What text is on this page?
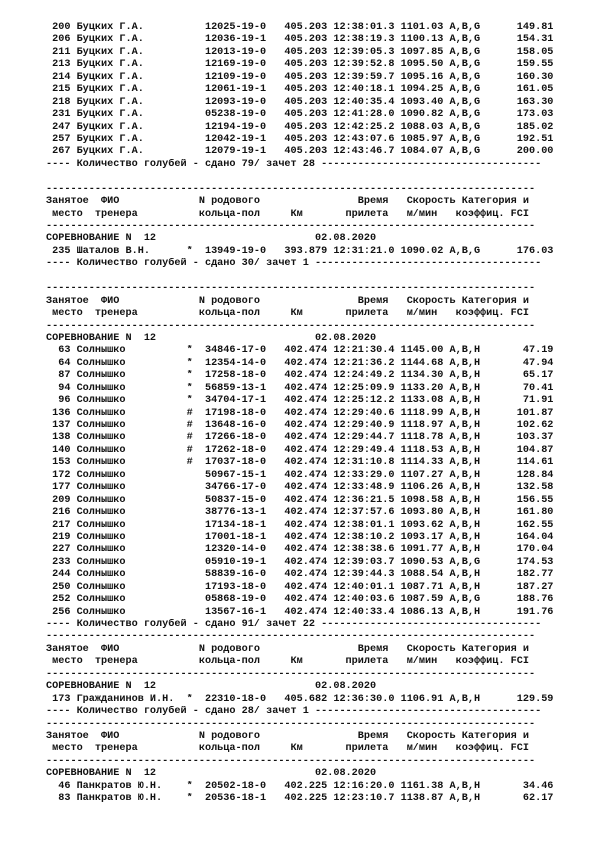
200 Буцких Г.А.          12025-19-0   405.203 12:38:01.3 1101.03 A,B,G      149.81
206 Буцких Г.А.          12036-19-1   405.203 12:38:19.3 1100.13 A,B,G      154.31
211 Буцких Г.А.          12013-19-0   405.203 12:39:05.3 1097.85 A,B,G      158.05
213 Буцких Г.А.          12169-19-0   405.203 12:39:52.8 1095.50 A,B,G      159.55
214 Буцких Г.А.          12109-19-0   405.203 12:39:59.7 1095.16 A,B,G      160.30
215 Буцких Г.А.          12061-19-1   405.203 12:40:18.1 1094.25 A,B,G      161.05
218 Буцких Г.А.          12093-19-0   405.203 12:40:35.4 1093.40 A,B,G      163.30
231 Буцких Г.А.          05238-19-0   405.203 12:41:28.0 1090.82 A,B,G      173.03
247 Буцких Г.А.          12194-19-0   405.203 12:42:25.2 1088.03 A,B,G      185.02
257 Буцких Г.А.          12042-19-1   405.203 12:43:07.6 1085.97 A,B,G      192.51
267 Буцких Г.А.          12079-19-1   405.203 12:43:46.7 1084.07 A,B,G      200.00
---- Количество голубей - сдано 79/ зачет 28 ------------------------------------
--------------------------------------------------------------------------------
Занятое  ФИО             N родового                Время   Скорость Категория и
место  тренера          кольца-пол     Км       прилета   м/мин   коэффиц. FCI
--------------------------------------------------------------------------------
СОРЕВНОВАНИЕ N  12                          02.08.2020
235 Шаталов В.Н.      *  13949-19-0   393.879 12:31:21.0 1090.02 A,B,G      176.03
---- Количество голубей - сдано 30/ зачет 1 -------------------------------------
--------------------------------------------------------------------------------
Занятое  ФИО             N родового                Время   Скорость Категория и
место  тренера          кольца-пол     Км       прилета   м/мин   коэффиц. FCI
--------------------------------------------------------------------------------
СОРЕВНОВАНИЕ N  12                          02.08.2020
63 Солнышко          *  34846-17-0   402.474 12:21:30.4 1145.00 A,B,H       47.19
64 Солнышко          *  12354-14-0   402.474 12:21:36.2 1144.68 A,B,H       47.94
87 Солнышко          *  17258-18-0   402.474 12:24:49.2 1134.30 A,B,H       65.17
94 Солнышко          *  56859-13-1   402.474 12:25:09.9 1133.20 A,B,H       70.41
96 Солнышко          *  34704-17-1   402.474 12:25:12.2 1133.08 A,B,H       71.91
136 Солнышко          #  17198-18-0   402.474 12:29:40.6 1118.99 A,B,H      101.87
137 Солнышко          #  13648-16-0   402.474 12:29:40.9 1118.97 A,B,H      102.62
138 Солнышко          #  17266-18-0   402.474 12:29:44.7 1118.78 A,B,H      103.37
140 Солнышко          #  17262-18-0   402.474 12:29:49.4 1118.53 A,B,H      104.87
153 Солнышко          #  17037-18-0   402.474 12:31:10.8 1114.33 A,B,H      114.61
172 Солнышко             50967-15-1   402.474 12:33:29.0 1107.27 A,B,H      128.84
177 Солнышко             34766-17-0   402.474 12:33:48.9 1106.26 A,B,H      132.58
209 Солнышко             50837-15-0   402.474 12:36:21.5 1098.58 A,B,H      156.55
216 Солнышко             38776-13-1   402.474 12:37:57.6 1093.80 A,B,H      161.80
217 Солнышко             17134-18-1   402.474 12:38:01.1 1093.62 A,B,H      162.55
219 Солнышко             17001-18-1   402.474 12:38:10.2 1093.17 A,B,H      164.04
227 Солнышко             12320-14-0   402.474 12:38:38.6 1091.77 A,B,H      170.04
233 Солнышко             05910-19-1   402.474 12:39:03.7 1090.53 A,B,G      174.53
244 Солнышко             58839-16-0   402.474 12:39:44.3 1088.54 A,B,H      182.77
250 Солнышко             17193-18-0   402.474 12:40:01.1 1087.71 A,B,H      187.27
252 Солнышко             05868-19-0   402.474 12:40:03.6 1087.59 A,B,G      188.76
256 Солнышко             13567-16-1   402.474 12:40:33.4 1086.13 A,B,H      191.76
---- Количество голубей - сдано 91/ зачет 22 ------------------------------------
--------------------------------------------------------------------------------
Занятое  ФИО             N родового                Время   Скорость Категория и
место  тренера          кольца-пол     Км       прилета   м/мин   коэффиц. FCI
--------------------------------------------------------------------------------
СОРЕВНОВАНИЕ N  12                          02.08.2020
173 Гражданинов И.Н.  *  22310-18-0   405.682 12:36:30.0 1106.91 A,B,H      129.59
---- Количество голубей - сдано 28/ зачет 1 -------------------------------------
--------------------------------------------------------------------------------
Занятое  ФИО             N родового                Время   Скорость Категория и
место  тренера          кольца-пол     Км       прилета   м/мин   коэффиц. FCI
--------------------------------------------------------------------------------
СОРЕВНОВАНИЕ N  12                          02.08.2020
46 Панкратов Ю.Н.    *  20502-18-0   402.225 12:16:20.0 1161.38 A,B,H       34.46
83 Панкратов Ю.Н.    *  20536-18-1   402.225 12:23:10.7 1138.87 A,B,H       62.17
